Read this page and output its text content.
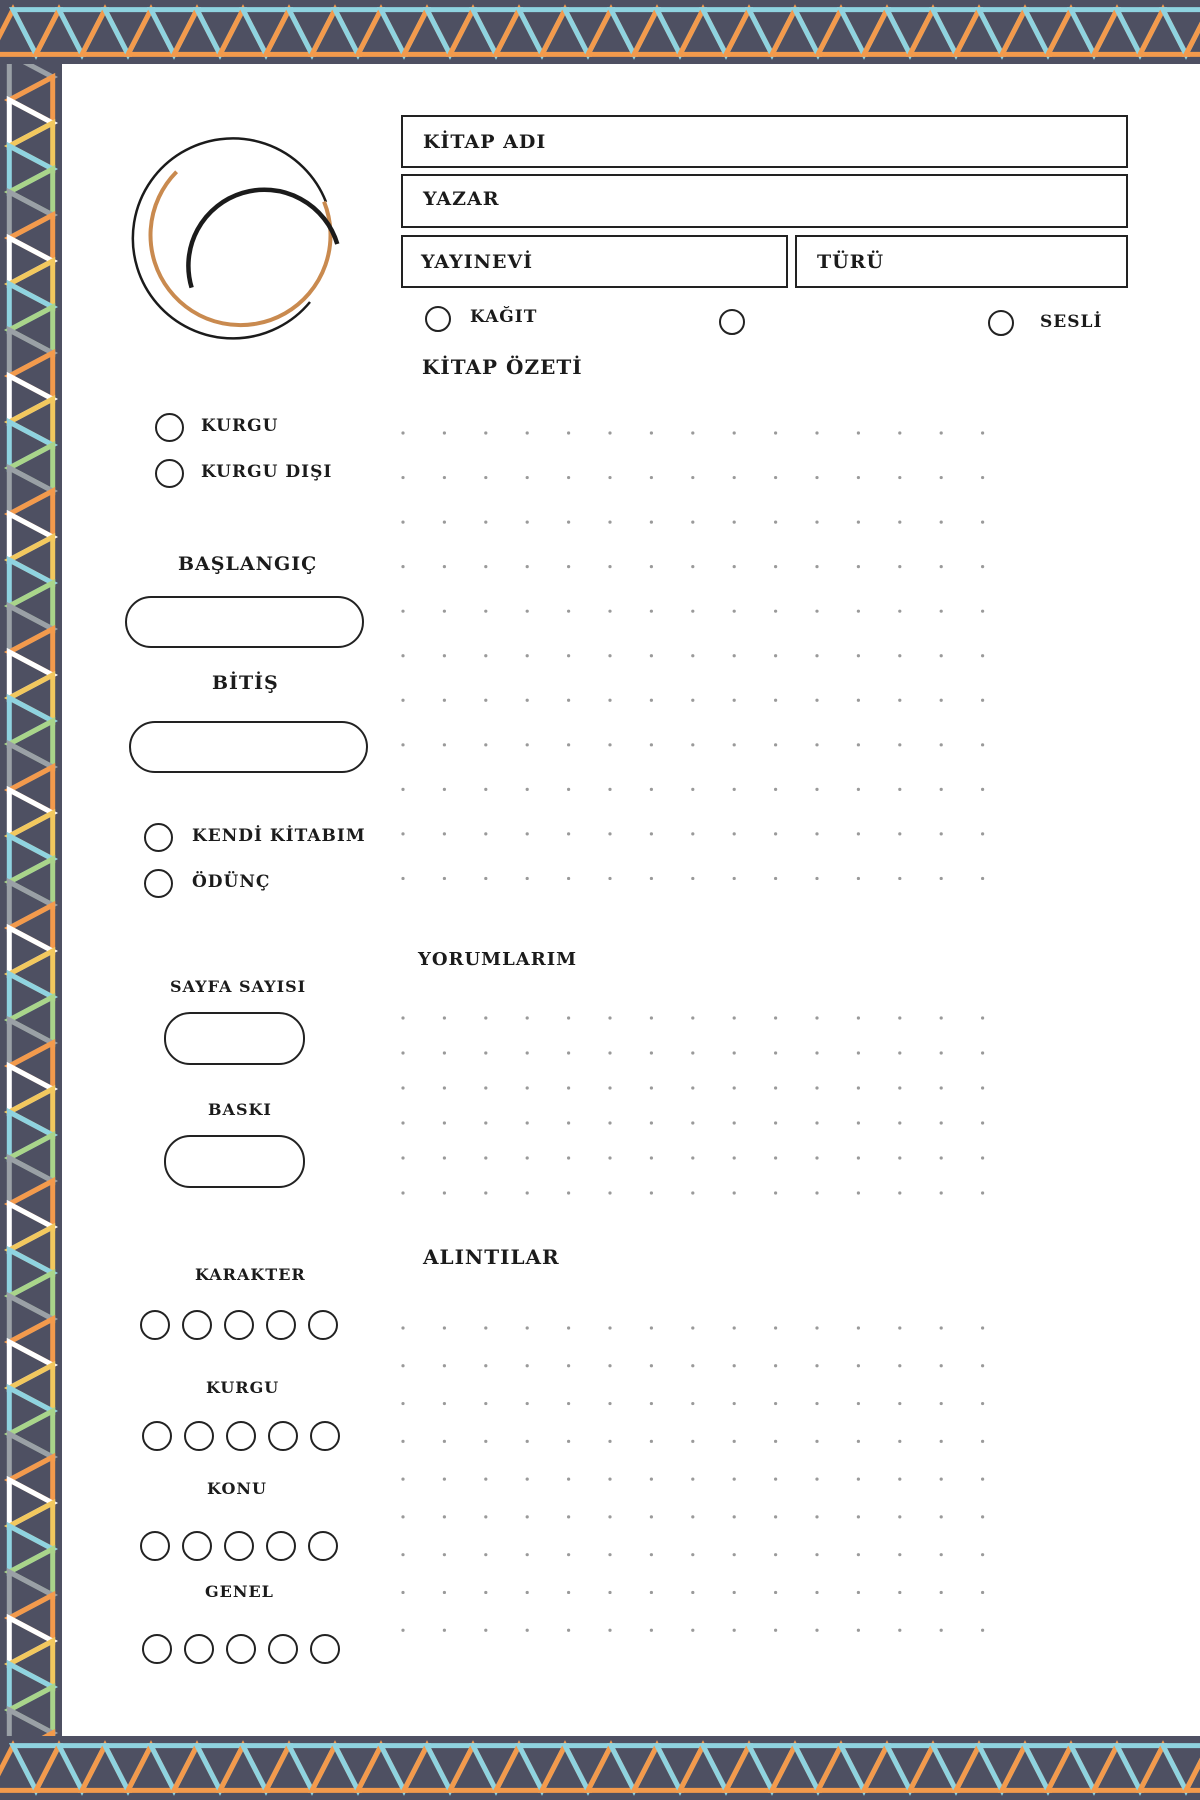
KİTAP ADI
YAZAR
YAYINEVİ	TÜRÜ
KAĞIT	SESLİ
KİTAP ÖZETİ
YORUMLARIM
ALINTILAR
KURGU
KURGU DIŞI
BAŞLANGIÇ
BİTİŞ
KENDİ KİTABIM
ÖDÜNÇ
SAYFA SAYISI
BASKI
KARAKTER
KURGU
KONU
GENEL
